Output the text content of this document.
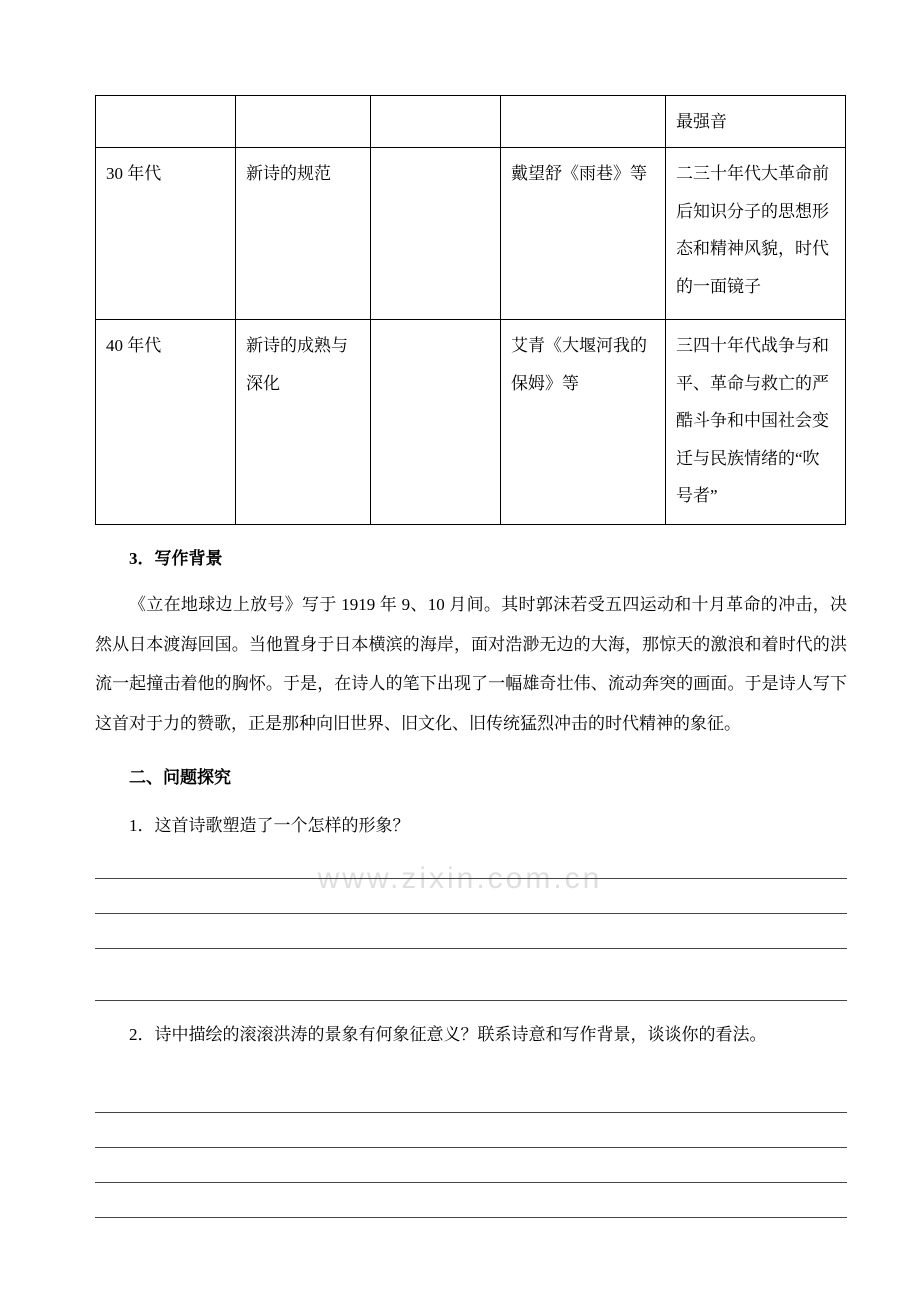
www.zixin.com.cn
				最强音
30 年代	新诗的规范		戴望舒《雨巷》等	二三十年代大革命前后知识分子的思想形态和精神风貌，时代的一面镜子
40 年代	新诗的成熟与深化		艾青《大堰河我的保姆》等	三四十年代战争与和平、革命与救亡的严酷斗争和中国社会变迁与民族情绪的“吹号者”
3．写作背景
《立在地球边上放号》写于 1919 年 9、10 月间。其时郭沫若受五四运动和十月革命的冲击，决然从日本渡海回国。当他置身于日本横滨的海岸，面对浩渺无边的大海，那惊天的激浪和着时代的洪流一起撞击着他的胸怀。于是，在诗人的笔下出现了一幅雄奇壮伟、流动奔突的画面。于是诗人写下这首对于力的赞歌，正是那种向旧世界、旧文化、旧传统猛烈冲击的时代精神的象征。
二、问题探究
1．这首诗歌塑造了一个怎样的形象？
2．诗中描绘的滚滚洪涛的景象有何象征意义？联系诗意和写作背景，谈谈你的看法。
